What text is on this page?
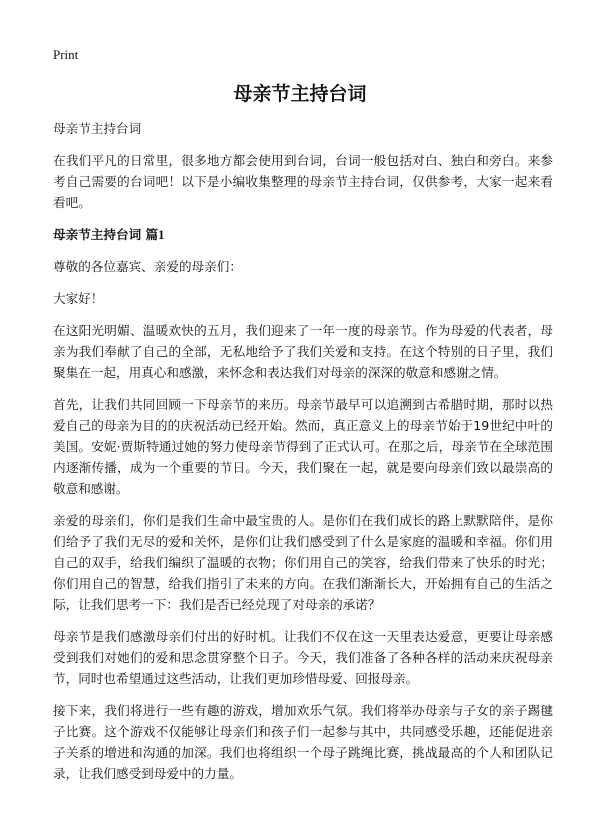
Print
母亲节主持台词

母亲节主持台词

在我们平凡的日常里，很多地方都会使用到台词，台词一般包括对白、独白和旁白。来参考自己需要的台词吧！以下是小编收集整理的母亲节主持台词，仅供参考，大家一起来看看吧。

母亲节主持台词 篇1

尊敬的各位嘉宾、亲爱的母亲们：

大家好！

在这阳光明媚、温暖欢快的五月，我们迎来了一年一度的母亲节。作为母爱的代表者，母亲为我们奉献了自己的全部，无私地给予了我们关爱和支持。在这个特别的日子里，我们聚集在一起，用真心和感激，来怀念和表达我们对母亲的深深的敬意和感谢之情。

首先，让我们共同回顾一下母亲节的来历。母亲节最早可以追溯到古希腊时期，那时以热爱自己的母亲为目的的庆祝活动已经开始。然而，真正意义上的母亲节始于19世纪中叶的美国。安妮·贾斯特通过她的努力使母亲节得到了正式认可。在那之后，母亲节在全球范围内逐渐传播，成为一个重要的节日。今天，我们聚在一起，就是要向母亲们致以最崇高的敬意和感谢。

亲爱的母亲们，你们是我们生命中最宝贵的人。是你们在我们成长的路上默默陪伴，是你们给予了我们无尽的爱和关怀，是你们让我们感受到了什么是家庭的温暖和幸福。你们用自己的双手，给我们编织了温暖的衣物；你们用自己的笑容，给我们带来了快乐的时光；你们用自己的智慧，给我们指引了未来的方向。在我们渐渐长大，开始拥有自己的生活之际，让我们思考一下：我们是否已经兑现了对母亲的承诺？

母亲节是我们感激母亲们付出的好时机。让我们不仅在这一天里表达爱意，更要让母亲感受到我们对她们的爱和思念贯穿整个日子。今天，我们准备了各种各样的活动来庆祝母亲节，同时也希望通过这些活动，让我们更加珍惜母爱、回报母亲。

接下来，我们将进行一些有趣的游戏，增加欢乐气氛。我们将举办母亲与子女的亲子踢毽子比赛。这个游戏不仅能够让母亲们和孩子们一起参与其中，共同感受乐趣，还能促进亲子关系的增进和沟通的加深。我们也将组织一个母子跳绳比赛，挑战最高的个人和团队记录，让我们感受到母爱中的力量。
